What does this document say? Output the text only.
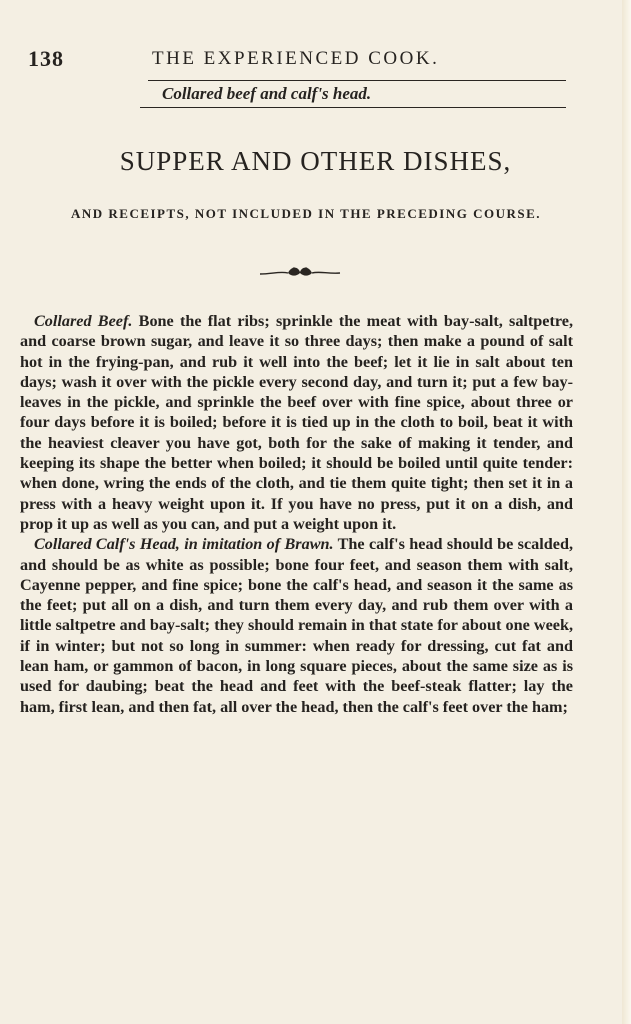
138	THE EXPERIENCED COOK.
Collared beef and calf's head.
SUPPER AND OTHER DISHES,
AND RECEIPTS, NOT INCLUDED IN THE PRECEDING COURSE.

Collared Beef. Bone the flat ribs; sprinkle the meat with bay-salt, saltpetre, and coarse brown sugar, and leave it so three days; then make a pound of salt hot in the frying-pan, and rub it well into the beef; let it lie in salt about ten days; wash it over with the pickle every second day, and turn it; put a few bay-leaves in the pickle, and sprinkle the beef over with fine spice, about three or four days before it is boiled; before it is tied up in the cloth to boil, beat it with the heaviest cleaver you have got, both for the sake of making it tender, and keeping its shape the better when boiled; it should be boiled until quite tender: when done, wring the ends of the cloth, and tie them quite tight; then set it in a press with a heavy weight upon it. If you have no press, put it on a dish, and prop it up as well as you can, and put a weight upon it.

Collared Calf's Head, in imitation of Brawn. The calf's head should be scalded, and should be as white as possible; bone four feet, and season them with salt, Cayenne pepper, and fine spice; bone the calf's head, and season it the same as the feet; put all on a dish, and turn them every day, and rub them over with a little saltpetre and bay-salt; they should remain in that state for about one week, if in winter; but not so long in summer: when ready for dressing, cut fat and lean ham, or gammon of bacon, in long square pieces, about the same size as is used for daubing; beat the head and feet with the beef-steak flatter; lay the ham, first lean, and then fat, all over the head, then the calf's feet over the ham;
